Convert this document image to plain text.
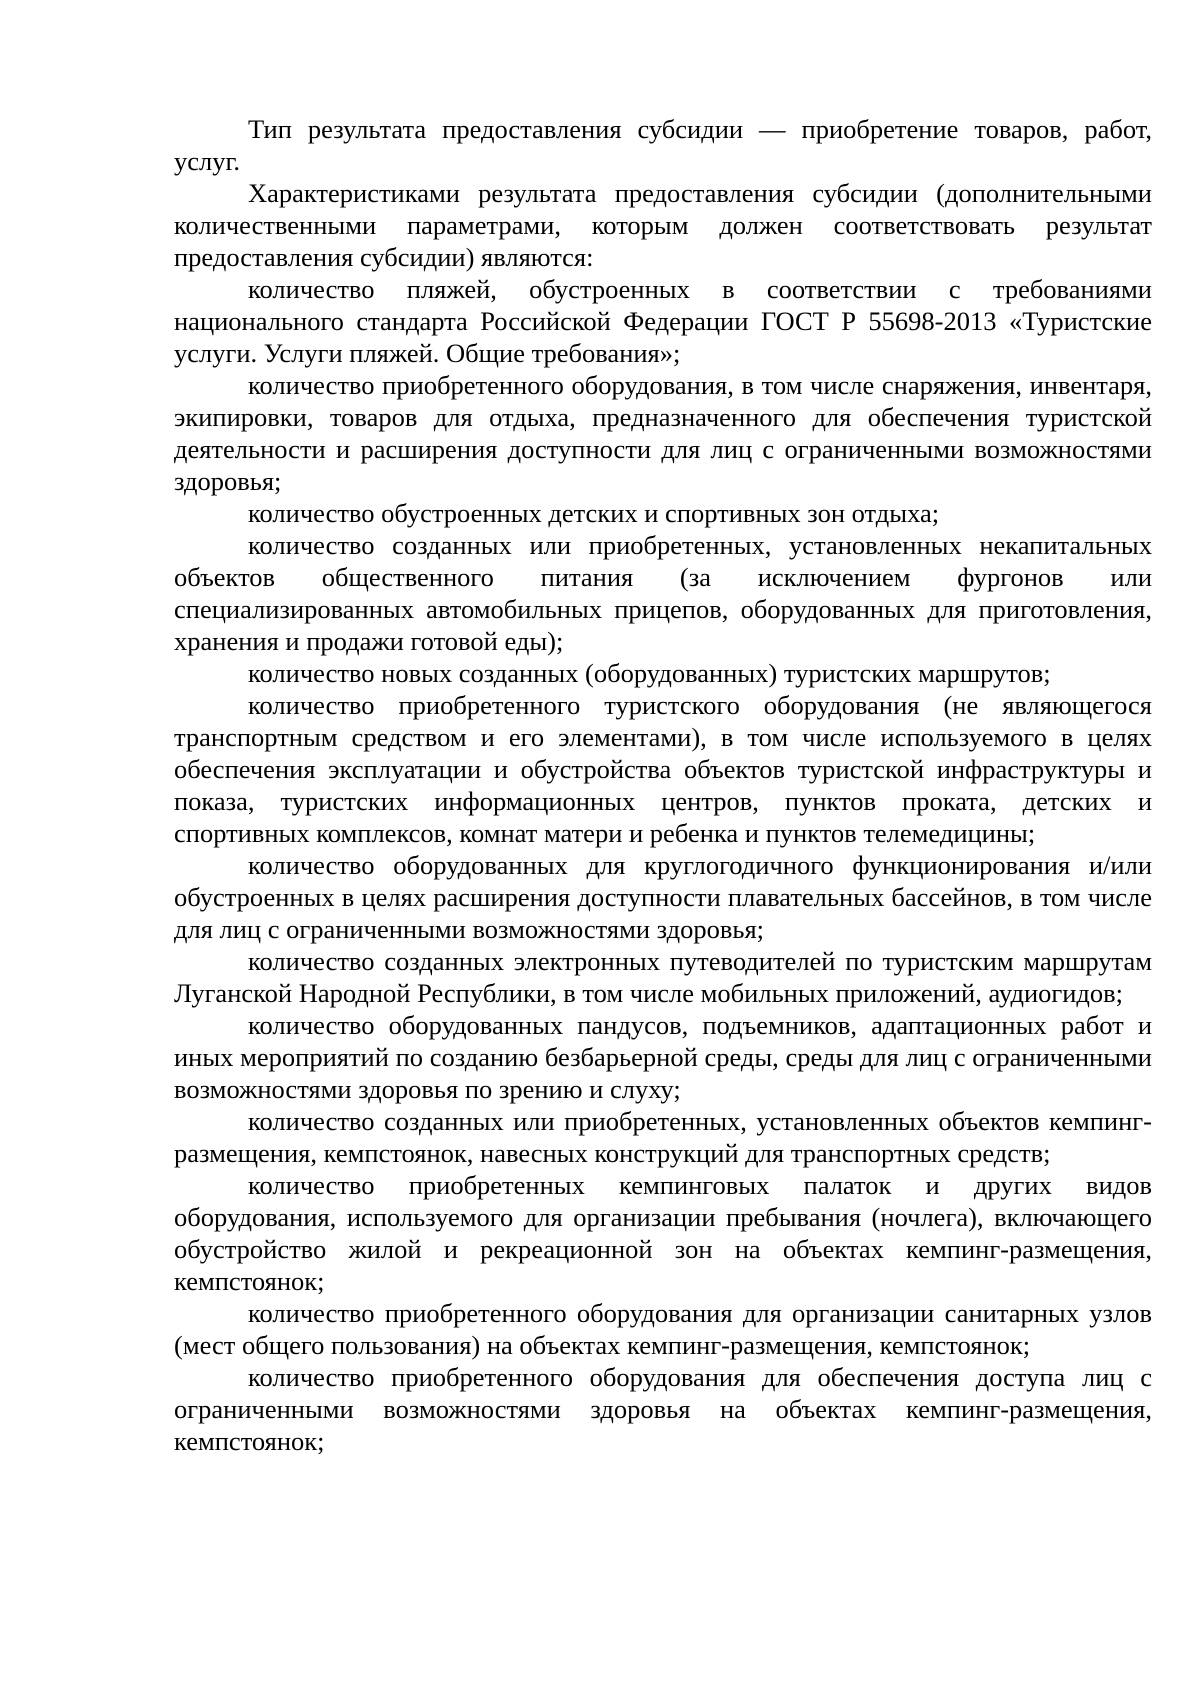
Тип результата предоставления субсидии — приобретение товаров, работ, услуг.

Характеристиками результата предоставления субсидии (дополнительными количественными параметрами, которым должен соответствовать результат предоставления субсидии) являются:

количество пляжей, обустроенных в соответствии с требованиями национального стандарта Российской Федерации ГОСТ Р 55698-2013 «Туристские услуги. Услуги пляжей. Общие требования»;

количество приобретенного оборудования, в том числе снаряжения, инвентаря, экипировки, товаров для отдыха, предназначенного для обеспечения туристской деятельности и расширения доступности для лиц с ограниченными возможностями здоровья;

количество обустроенных детских и спортивных зон отдыха;

количество созданных или приобретенных, установленных некапитальных объектов общественного питания (за исключением фургонов или специализированных автомобильных прицепов, оборудованных для приготовления, хранения и продажи готовой еды);

количество новых созданных (оборудованных) туристских маршрутов;

количество приобретенного туристского оборудования (не являющегося транспортным средством и его элементами), в том числе используемого в целях обеспечения эксплуатации и обустройства объектов туристской инфраструктуры и показа, туристских информационных центров, пунктов проката, детских и спортивных комплексов, комнат матери и ребенка и пунктов телемедицины;

количество оборудованных для круглогодичного функционирования и/или обустроенных в целях расширения доступности плавательных бассейнов, в том числе для лиц с ограниченными возможностями здоровья;

количество созданных электронных путеводителей по туристским маршрутам Луганской Народной Республики, в том числе мобильных приложений, аудиогидов;

количество оборудованных пандусов, подъемников, адаптационных работ и иных мероприятий по созданию безбарьерной среды, среды для лиц с ограниченными возможностями здоровья по зрению и слуху;

количество созданных или приобретенных, установленных объектов кемпинг-размещения, кемпстоянок, навесных конструкций для транспортных средств;

количество приобретенных кемпинговых палаток и других видов оборудования, используемого для организации пребывания (ночлега), включающего обустройство жилой и рекреационной зон на объектах кемпинг-размещения, кемпстоянок;

количество приобретенного оборудования для организации санитарных узлов (мест общего пользования) на объектах кемпинг-размещения, кемпстоянок;

количество приобретенного оборудования для обеспечения доступа лиц с ограниченными возможностями здоровья на объектах кемпинг-размещения, кемпстоянок;
